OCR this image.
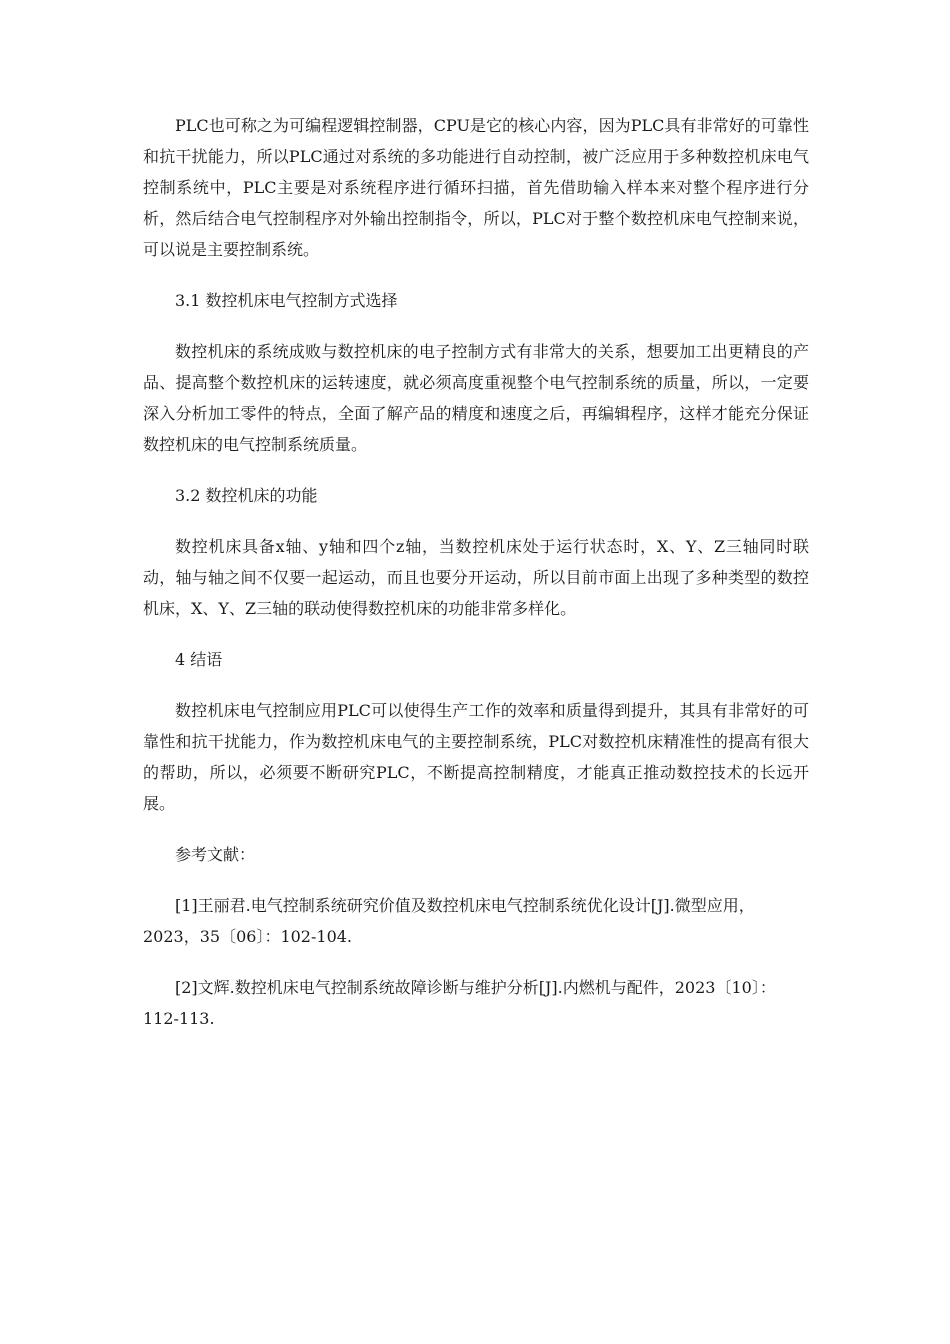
PLC也可称之为可编程逻辑控制器，CPU是它的核心内容，因为PLC具有非常好的可靠性和抗干扰能力，所以PLC通过对系统的多功能进行自动控制，被广泛应用于多种数控机床电气控制系统中，PLC主要是对系统程序进行循环扫描，首先借助输入样本来对整个程序进行分析，然后结合电气控制程序对外输出控制指令，所以，PLC对于整个数控机床电气控制来说，可以说是主要控制系统。

3.1 数控机床电气控制方式选择

数控机床的系统成败与数控机床的电子控制方式有非常大的关系，想要加工出更精良的产品、提高整个数控机床的运转速度，就必须高度重视整个电气控制系统的质量，所以，一定要深入分析加工零件的特点，全面了解产品的精度和速度之后，再编辑程序，这样才能充分保证数控机床的电气控制系统质量。

3.2 数控机床的功能

数控机床具备x轴、y轴和四个z轴，当数控机床处于运行状态时，X、Y、Z三轴同时联动，轴与轴之间不仅要一起运动，而且也要分开运动，所以目前市面上出现了多种类型的数控机床，X、Y、Z三轴的联动使得数控机床的功能非常多样化。

4 结语

数控机床电气控制应用PLC可以使得生产工作的效率和质量得到提升，其具有非常好的可靠性和抗干扰能力，作为数控机床电气的主要控制系统，PLC对数控机床精准性的提高有很大的帮助，所以，必须要不断研究PLC，不断提高控制精度，才能真正推动数控技术的长远开展。

参考文献：

[1]王丽君.电气控制系统研究价值及数控机床电气控制系统优化设计[J].微型应用，2023，35〔06〕：102-104.

[2]文辉.数控机床电气控制系统故障诊断与维护分析[J].内燃机与配件，2023〔10〕：112-113.
